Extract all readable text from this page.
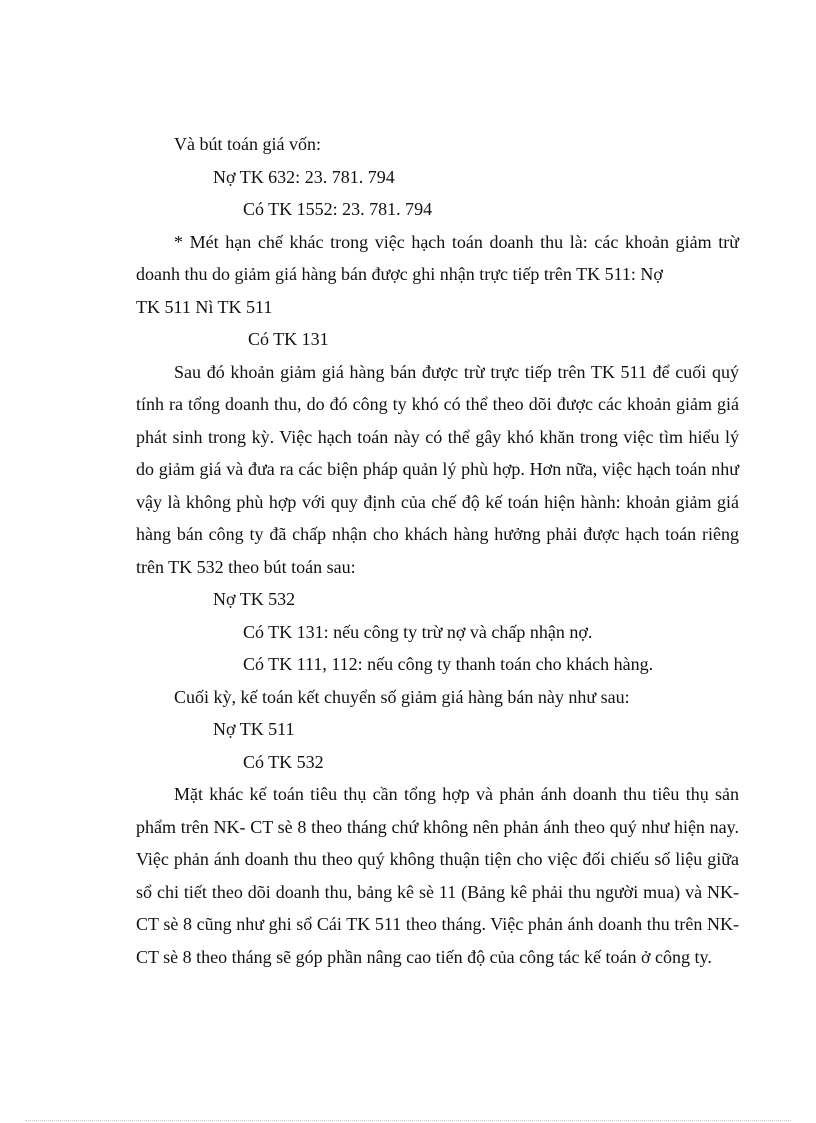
Và bút toán giá vốn:
Nợ TK 632: 23. 781. 794
Có TK 1552: 23. 781. 794
* Mét hạn chế khác trong việc hạch toán doanh thu là: các khoản giảm trừ doanh thu do giảm giá hàng bán được ghi nhận trực tiếp trên TK 511: Nợ
TK 511 Nì TK 511
Có TK 131
Sau đó khoản giảm giá hàng bán được trừ trực tiếp trên TK 511 để cuối quý tính ra tổng doanh thu, do đó công ty khó có thể theo dõi được các khoản giảm giá phát sinh trong kỳ. Việc hạch toán này có thể gây khó khăn trong việc tìm hiểu lý do giảm giá và đưa ra các biện pháp quản lý phù hợp. Hơn nữa, việc hạch toán như vậy là không phù hợp với quy định của chế độ kế toán hiện hành: khoản giảm giá hàng bán công ty đã chấp nhận cho khách hàng hưởng phải được hạch toán riêng trên TK 532 theo bút toán sau:
Nợ TK 532
Có TK 131: nếu công ty trừ nợ và chấp nhận nợ.
Có TK 111, 112: nếu công ty thanh toán cho khách hàng.
Cuối kỳ, kế toán kết chuyển số giảm giá hàng bán này như sau:
Nợ TK 511
Có TK 532
Mặt khác kế toán tiêu thụ cần tổng hợp và phản ánh doanh thu tiêu thụ sản phẩm trên NK- CT sè 8 theo tháng chứ không nên phản ánh theo quý như hiện nay. Việc phản ánh doanh thu theo quý không thuận tiện cho việc đối chiếu số liệu giữa sổ chi tiết theo dõi doanh thu, bảng kê sè 11 (Bảng kê phải thu người mua) và NK- CT sè 8 cũng như ghi sổ Cái TK 511 theo tháng. Việc phản ánh doanh thu trên NK- CT sè 8 theo tháng sẽ góp phần nâng cao tiến độ của công tác kế toán ở công ty.
